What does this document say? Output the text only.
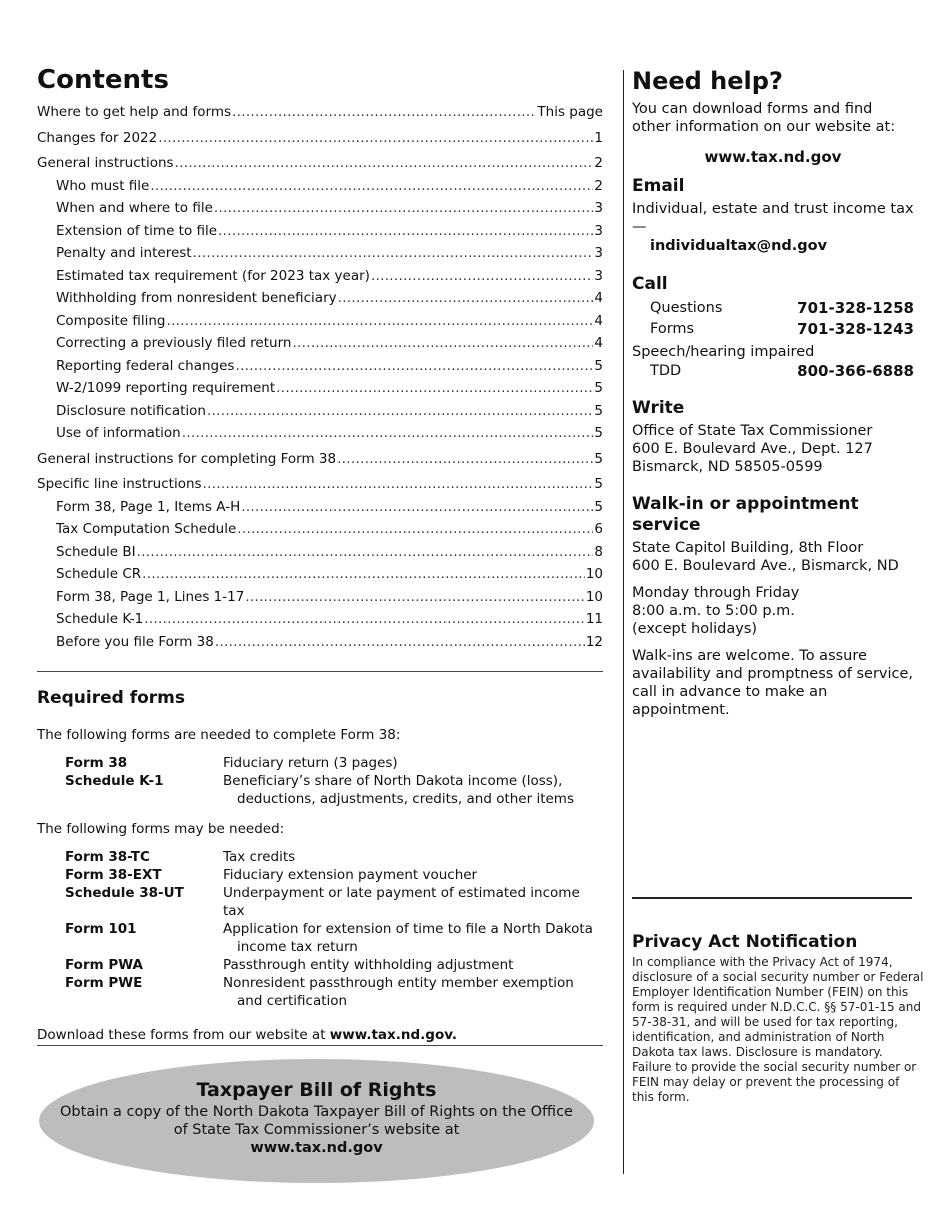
Contents
Where to get help and forms .....	This page
Changes for 2022 .....	1
General instructions .....	2
Who must file .....	2
When and where to file .....	3
Extension of time to file .....	3
Penalty and interest .....	3
Estimated tax requirement (for 2023 tax year) .....	3
Withholding from nonresident beneficiary .....	4
Composite filing .....	4
Correcting a previously filed return .....	4
Reporting federal changes .....	5
W-2/1099 reporting requirement .....	5
Disclosure notification .....	5
Use of information .....	5
General instructions for completing Form 38 .....	5
Specific line instructions .....	5
Form 38, Page 1, Items A-H .....	5
Tax Computation Schedule .....	6
Schedule BI .....	8
Schedule CR .....	10
Form 38, Page 1, Lines 1-17 .....	10
Schedule K-1 .....	11
Before you file Form 38 .....	12
Required forms

The following forms are needed to complete Form 38:

Form 38	Fiduciary return (3 pages)
Schedule K-1	Beneficiary’s share of North Dakota income (loss),
deductions, adjustments, credits, and other items

The following forms may be needed:

Form 38-TC	Tax credits
Form 38-EXT	Fiduciary extension payment voucher
Schedule 38-UT	Underpayment or late payment of estimated income
tax
Form 101	Application for extension of time to file a North Dakota
income tax return
Form PWA	Passthrough entity withholding adjustment
Form PWE	Nonresident passthrough entity member exemption
and certification

Download these forms from our website at www.tax.nd.gov.

Taxpayer Bill of Rights

Obtain a copy of the North Dakota Taxpayer Bill of Rights on the Office of State Tax Commissioner’s website at

www.tax.nd.gov

Need help?

You can download forms and find other information on our website at:

www.tax.nd.gov
Email

Individual, estate and trust income tax—

individualtax@nd.gov
Call
Questions	701-328-1258
Forms	701-328-1243

Speech/hearing impaired

TDD	800-366-6888
Write

Office of State Tax Commissioner

600 E. Boulevard Ave., Dept. 127

Bismarck, ND 58505-0599

Walk-in or appointment service

State Capitol Building, 8th Floor

600 E. Boulevard Ave., Bismarck, ND

Monday through Friday

8:00 a.m. to 5:00 p.m.

(except holidays)

Walk-ins are welcome. To assure availability and promptness of service, call in advance to make an appointment.

Privacy Act Notification

In compliance with the Privacy Act of 1974, disclosure of a social security number or Federal Employer Identification Number (FEIN) on this form is required under N.D.C.C. §§ 57-01-15 and 57-38-31, and will be used for tax reporting, identification, and administration of North Dakota tax laws. Disclosure is mandatory. Failure to provide the social security number or FEIN may delay or prevent the processing of this form.
